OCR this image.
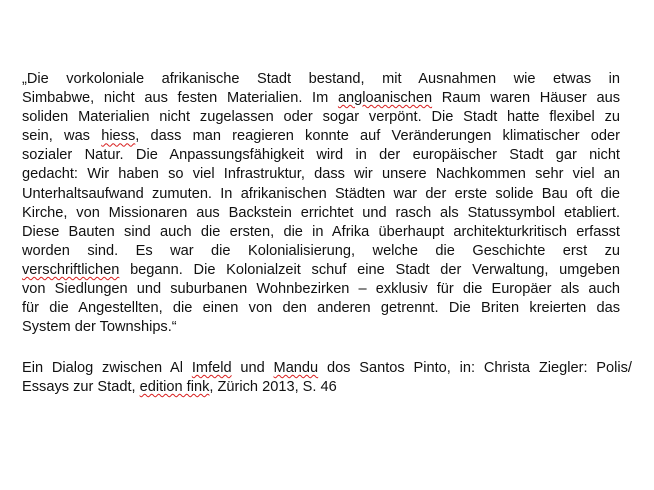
„Die vorkoloniale afrikanische Stadt bestand, mit Ausnahmen wie etwas in
Simbabwe, nicht aus festen Materialien. Im angloanischen Raum waren Häuser aus
soliden Materialien nicht zugelassen oder sogar verpönt. Die Stadt hatte flexibel zu
sein, was hiess, dass man reagieren konnte auf Veränderungen klimatischer oder
sozialer Natur. Die Anpassungsfähigkeit wird in der europäischer Stadt gar nicht
gedacht: Wir haben so viel Infrastruktur, dass wir unsere Nachkommen sehr viel an
Unterhaltsaufwand zumuten. In afrikanischen Städten war der erste solide Bau oft die
Kirche, von Missionaren aus Backstein errichtet und rasch als Statussymbol etabliert.
Diese Bauten sind auch die ersten, die in Afrika überhaupt architekturkritisch erfasst
worden sind. Es war die Kolonialisierung, welche die Geschichte erst zu
verschriftlichen begann. Die Kolonialzeit schuf eine Stadt der Verwaltung, umgeben
von Siedlungen und suburbanen Wohnbezirken – exklusiv für die Europäer als auch
für die Angestellten, die einen von den anderen getrennt. Die Briten kreierten das
System der Townships.“
Ein Dialog zwischen Al Imfeld und Mandu dos Santos Pinto, in: Christa Ziegler: Polis/
Essays zur Stadt, edition fink, Zürich 2013, S. 46
